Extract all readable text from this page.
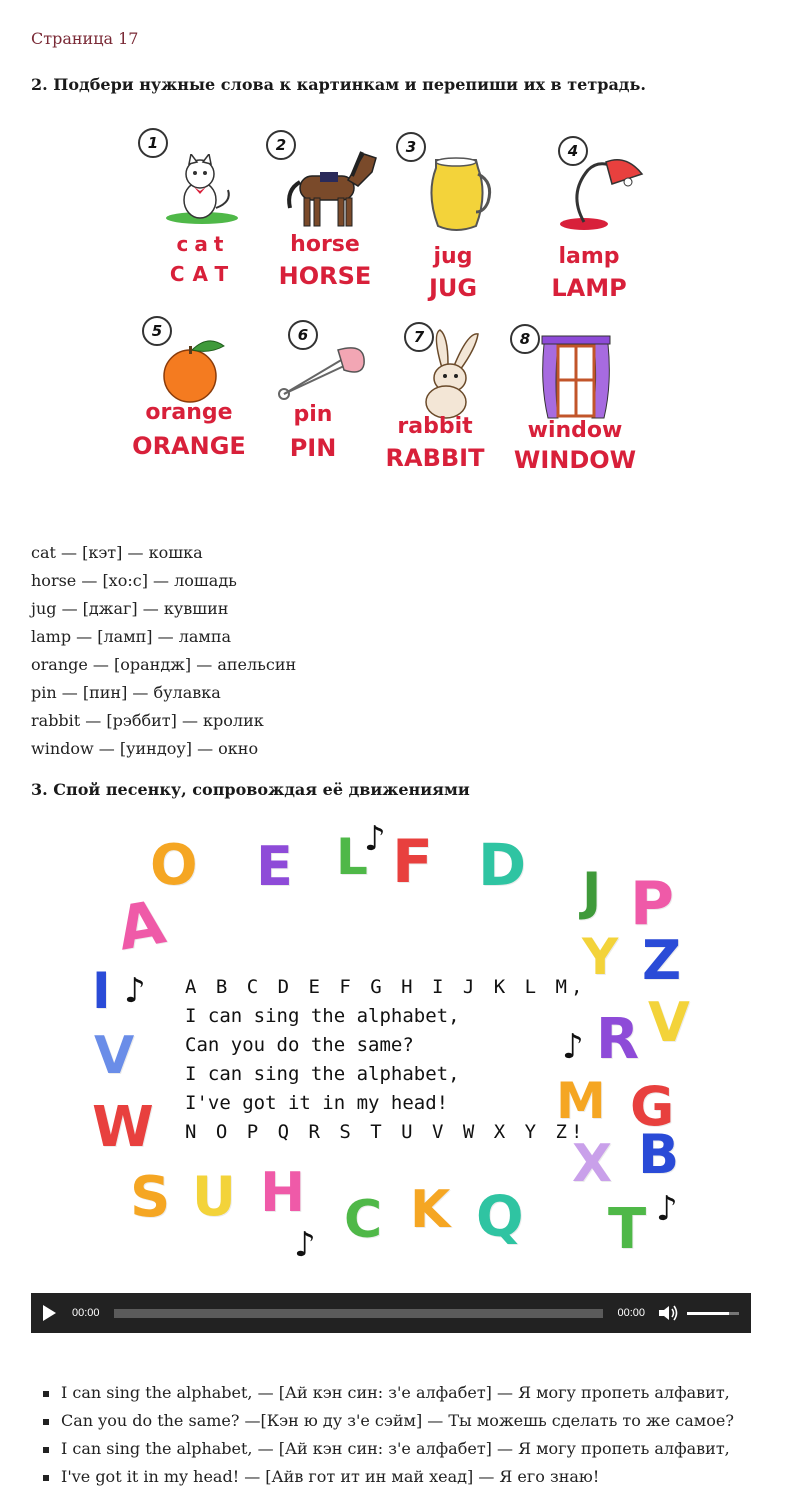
Страница 17
2. Подбери нужные слова к картинкам и перепиши их в тетрадь.
1
cat
CAT
2
horse
HORSE
3
jug
JUG
4
lamp
LAMP
5
orange
ORANGE
6
pin
PIN
7
rabbit
RABBIT
8
window
WINDOW
cat — [кэт] — кошка
horse — [хо:с] — лошадь
jug — [джаг] — кувшин
lamp — [ламп] — лампа
orange — [орандж] — апельсин
pin — [пин] — булавка
rabbit — [рэббит] — кролик
window — [уиндоу] — окно
3. Спой песенку, сопровождая её движениями
O
A
E L F D J P
Y Z
I
V	R V
M G
W
X B
S U H C K Q T
♪
♪
♪
♪
♪
A B C D E F G H I J K L M,
I can sing the alphabet,
Can you do the same?
I can sing the alphabet,
I've got it in my head!
N O P Q R S T U V W X Y Z!
00:00	00:00
I can sing the alphabet, — [Ай кэн син: з'е алфабет] — Я могу пропеть алфавит,
Can you do the same? —[Кэн ю ду з'е сэйм] — Ты можешь сделать то же самое?
I can sing the alphabet, — [Ай кэн син: з'е алфабет] — Я могу пропеть алфавит,
I've got it in my head! — [Айв гот ит ин май хеад] — Я его знаю!
